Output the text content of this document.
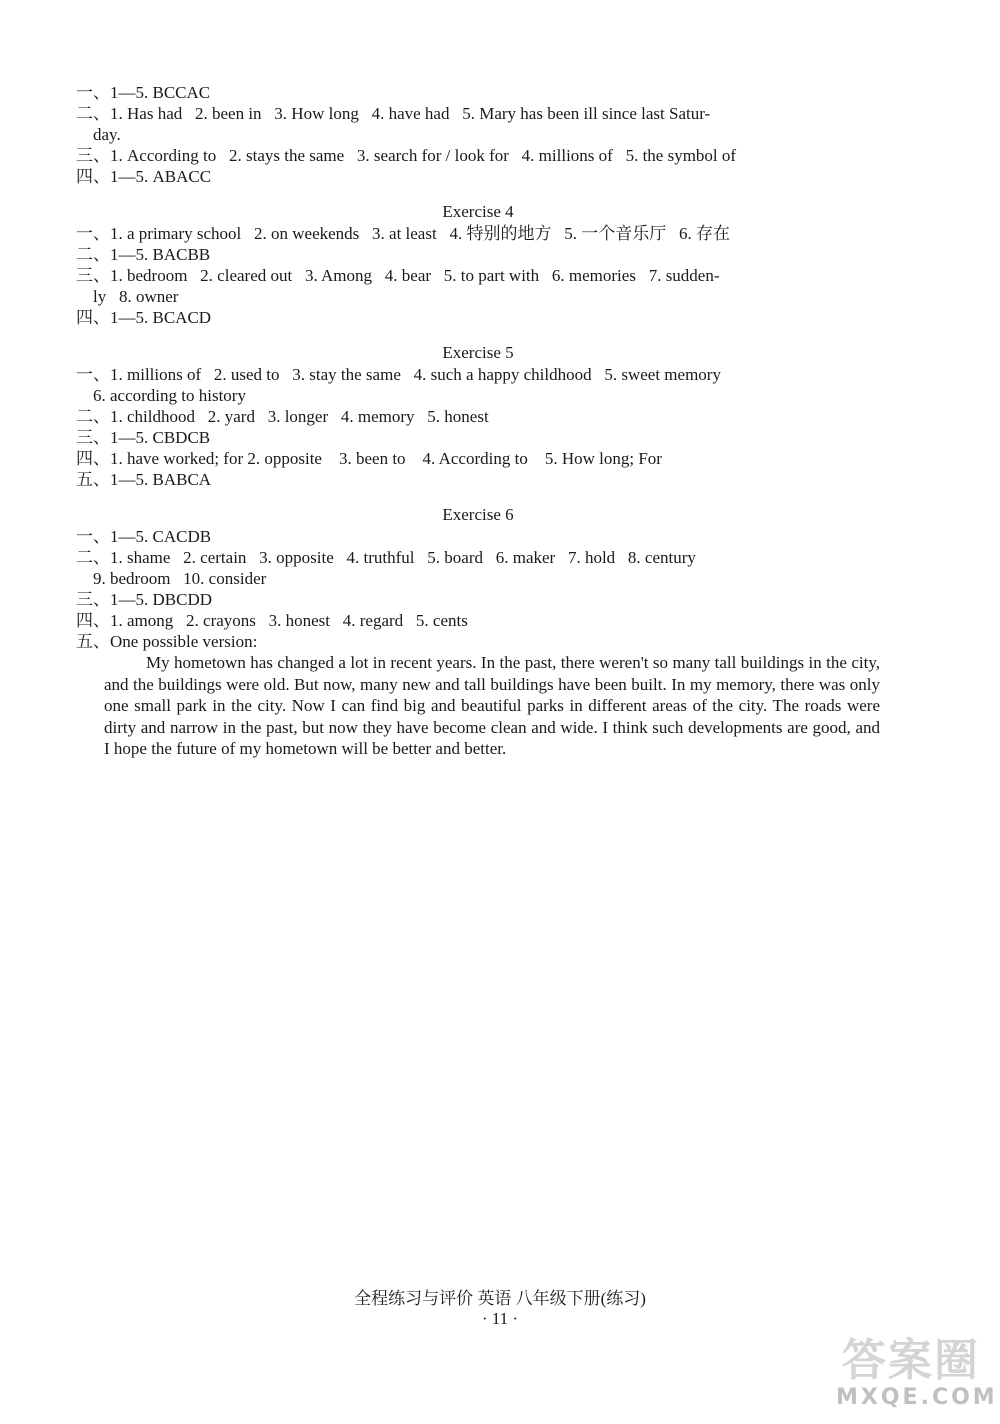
一、1—5. BCCAC
二、1. Has had   2. been in   3. How long   4. have had   5. Mary has been ill since last Satur-
day.
三、1. According to   2. stays the same   3. search for / look for   4. millions of   5. the symbol of
四、1—5. ABACC
Exercise 4
一、1. a primary school   2. on weekends   3. at least   4. 特别的地方   5. 一个音乐厅   6. 存在
二、1—5. BACBB
三、1. bedroom   2. cleared out   3. Among   4. bear   5. to part with   6. memories   7. sudden-
ly   8. owner
四、1—5. BCACD
Exercise 5
一、1. millions of   2. used to   3. stay the same   4. such a happy childhood   5. sweet memory
6. according to history
二、1. childhood   2. yard   3. longer   4. memory   5. honest
三、1—5. CBDCB
四、1. have worked; for 2. opposite    3. been to    4. According to    5. How long; For
五、1—5. BABCA
Exercise 6
一、1—5. CACDB
二、1. shame   2. certain   3. opposite   4. truthful   5. board   6. maker   7. hold   8. century
9. bedroom   10. consider
三、1—5. DBCDD
四、1. among   2. crayons   3. honest   4. regard   5. cents
五、One possible version:

My hometown has changed a lot in recent years. In the past, there weren't so many tall buildings in the city, and the buildings were old. But now, many new and tall buildings have been built. In my memory, there was only one small park in the city. Now I can find big and beautiful parks in different areas of the city. The roads were dirty and narrow in the past, but now they have become clean and wide. I think such developments are good, and I hope the future of my hometown will be better and better.

全程练习与评价 英语 八年级下册(练习)
· 11 ·
答案圈
MXQE.COM
